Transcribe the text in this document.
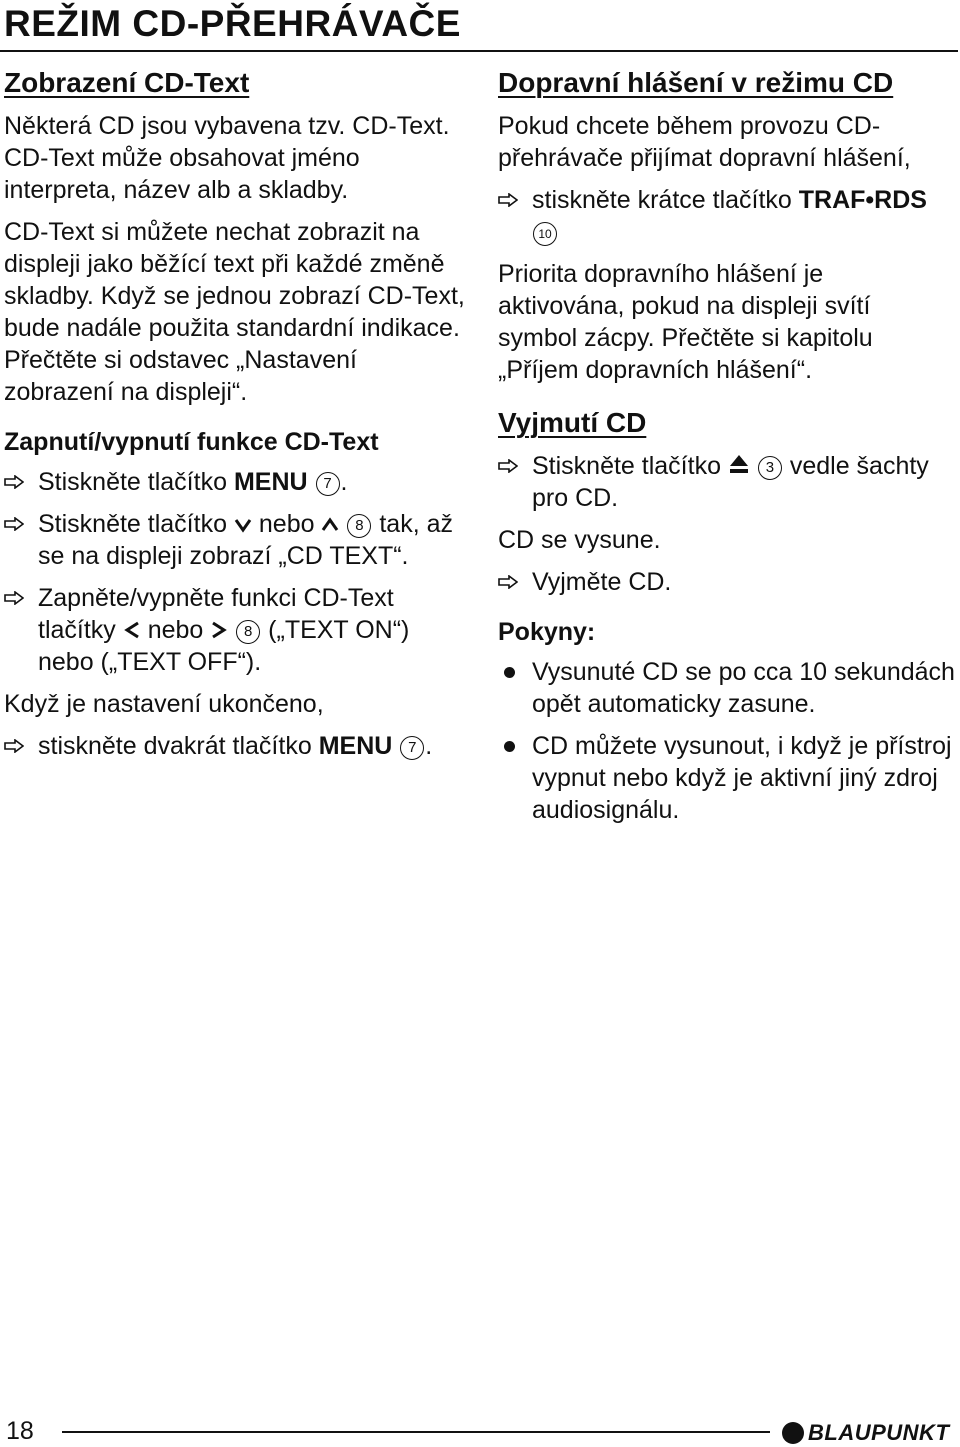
REŽIM CD-PŘEHRÁVAČE
Zobrazení CD-Text

Některá CD jsou vybavena tzv. CD-Text. CD-Text může obsahovat jméno interpreta, název alb a skladby.

CD-Text si můžete nechat zobrazit na displeji jako běžící text při každé změně skladby. Když se jednou zobrazí CD-Text, bude nadále použita standardní indikace. Přečtěte si odstavec „Nastavení zobrazení na displeji“.

Zapnutí/vypnutí funkce CD-Text
Stiskněte tlačítko MENU 7 .
Stiskněte tlačítko  nebo  8 tak, až se na displeji zobrazí „CD TEXT“.
Zapněte/vypněte funkci CD-Text tlačítky  nebo  8 („TEXT ON“) nebo („TEXT OFF“).

Když je nastavení ukončeno,

stiskněte dvakrát tlačítko MENU 7 .
Dopravní hlášení v režimu CD

Pokud chcete během provozu CD-přehrávače přijímat dopravní hlášení,

stiskněte krátce tlačítko TRAF•RDS 10

Priorita dopravního hlášení je aktivována, pokud na displeji svítí symbol zácpy. Přečtěte si kapitolu „Příjem dopravních hlášení“.

Vyjmutí CD
Stiskněte tlačítko	3 vedle šachty pro CD.

CD se vysune.

Vyjměte CD.
Pokyny:
Vysunuté CD se po cca 10 sekundách opět automaticky zasune.
CD můžete vysunout, i když je přístroj vypnut nebo když je aktivní jiný zdroj audiosignálu.
18	BLAUPUNKT
